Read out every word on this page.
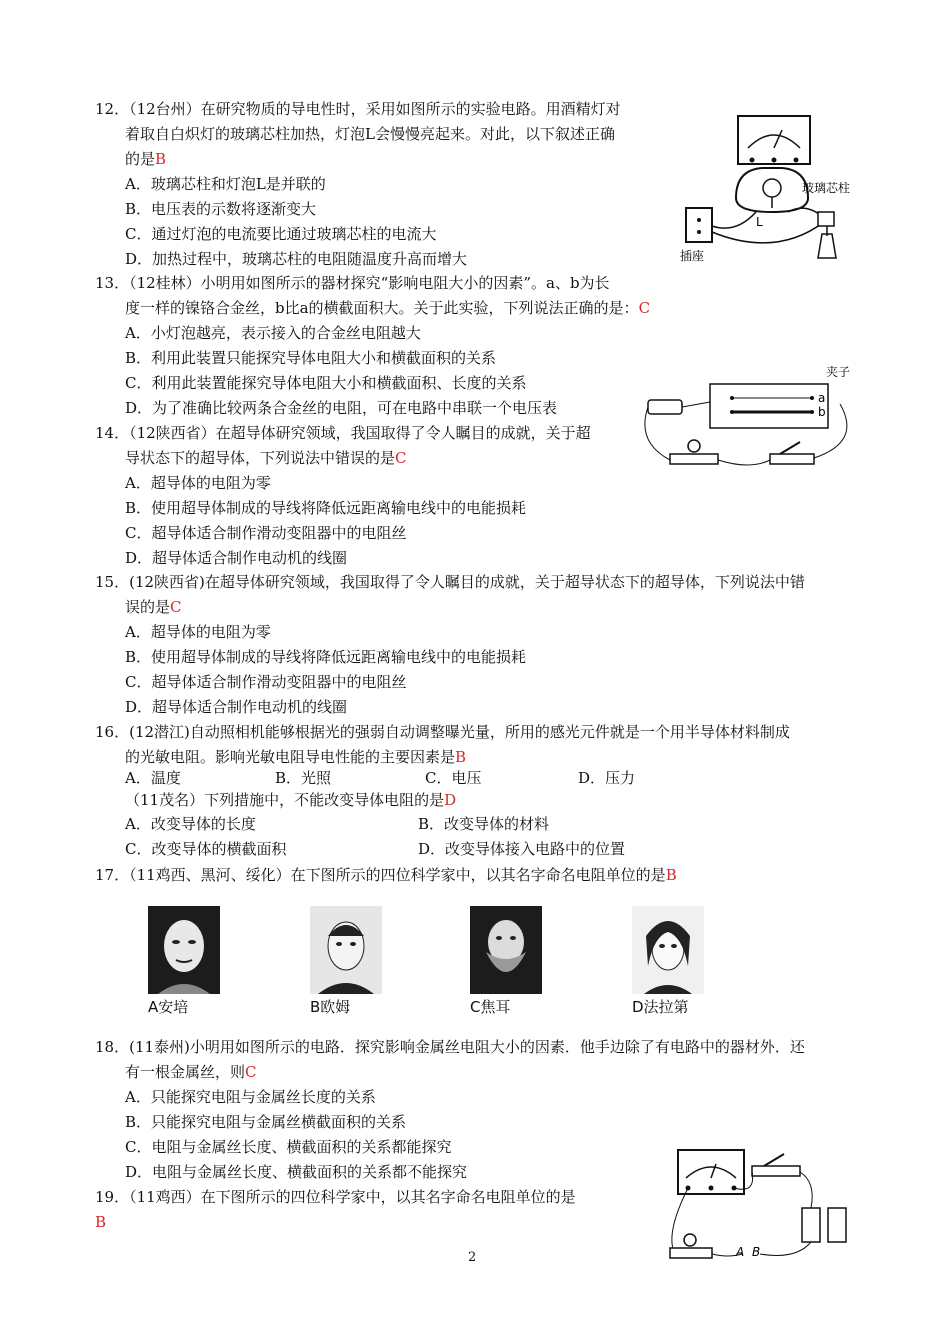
12．（12台州）在研究物质的导电性时，采用如图所示的实验电路。用酒精灯对
着取自白炽灯的玻璃芯柱加热，灯泡L会慢慢亮起来。对此，以下叙述正确
的是B
A．玻璃芯柱和灯泡L是并联的
B．电压表的示数将逐渐变大
C．通过灯泡的电流要比通过玻璃芯柱的电流大
D．加热过程中，玻璃芯柱的电阻随温度升高而增大
玻璃芯柱
L
插座
13．（12桂林）小明用如图所示的器材探究“影响电阻大小的因素”。a、b为长
度一样的镍铬合金丝，b比a的横截面积大。关于此实验，下列说法正确的是：C
A．小灯泡越亮，表示接入的合金丝电阻越大
B．利用此装置只能探究导体电阻大小和横截面积的关系
C．利用此装置能探究导体电阻大小和横截面积、长度的关系
D．为了准确比较两条合金丝的电阻，可在电路中串联一个电压表
a
b
夹子
14．（12陕西省）在超导体研究领域，我国取得了令人瞩目的成就，关于超
导状态下的超导体，下列说法中错误的是C
A．超导体的电阻为零
B．使用超导体制成的导线将降低远距离输电线中的电能损耗
C．超导体适合制作滑动变阻器中的电阻丝
D．超导体适合制作电动机的线圈
15．(12陕西省)在超导体研究领域，我国取得了令人瞩目的成就，关于超导状态下的超导体，下列说法中错
误的是C
A．超导体的电阻为零
B．使用超导体制成的导线将降低远距离输电线中的电能损耗
C．超导体适合制作滑动变阻器中的电阻丝
D．超导体适合制作电动机的线圈
16．(12潜江)自动照相机能够根据光的强弱自动调整曝光量，所用的感光元件就是一个用半导体材料制成
的光敏电阻。影响光敏电阻导电性能的主要因素是B
A．温度	B．光照	C．电压	D．压力
（11茂名）下列措施中，不能改变导体电阻的是D
A．改变导体的长度	B．改变导体的材料
C．改变导体的横截面积	D．改变导体接入电路中的位置
17．（11鸡西、黑河、绥化）在下图所示的四位科学家中，以其名字命名电阻单位的是B
A安培	B欧姆	C焦耳	D法拉第
18．(11泰州)小明用如图所示的电路．探究影响金属丝电阻大小的因素．他手边除了有电路中的器材外．还
有一根金属丝，则C
A．只能探究电阻与金属丝长度的关系
B．只能探究电阻与金属丝横截面积的关系
C．电阻与金属丝长度、横截面积的关系都能探究
D．电阻与金属丝长度、横截面积的关系都不能探究
A B
19．（11鸡西）在下图所示的四位科学家中，以其名字命名电阻单位的是
B
2
